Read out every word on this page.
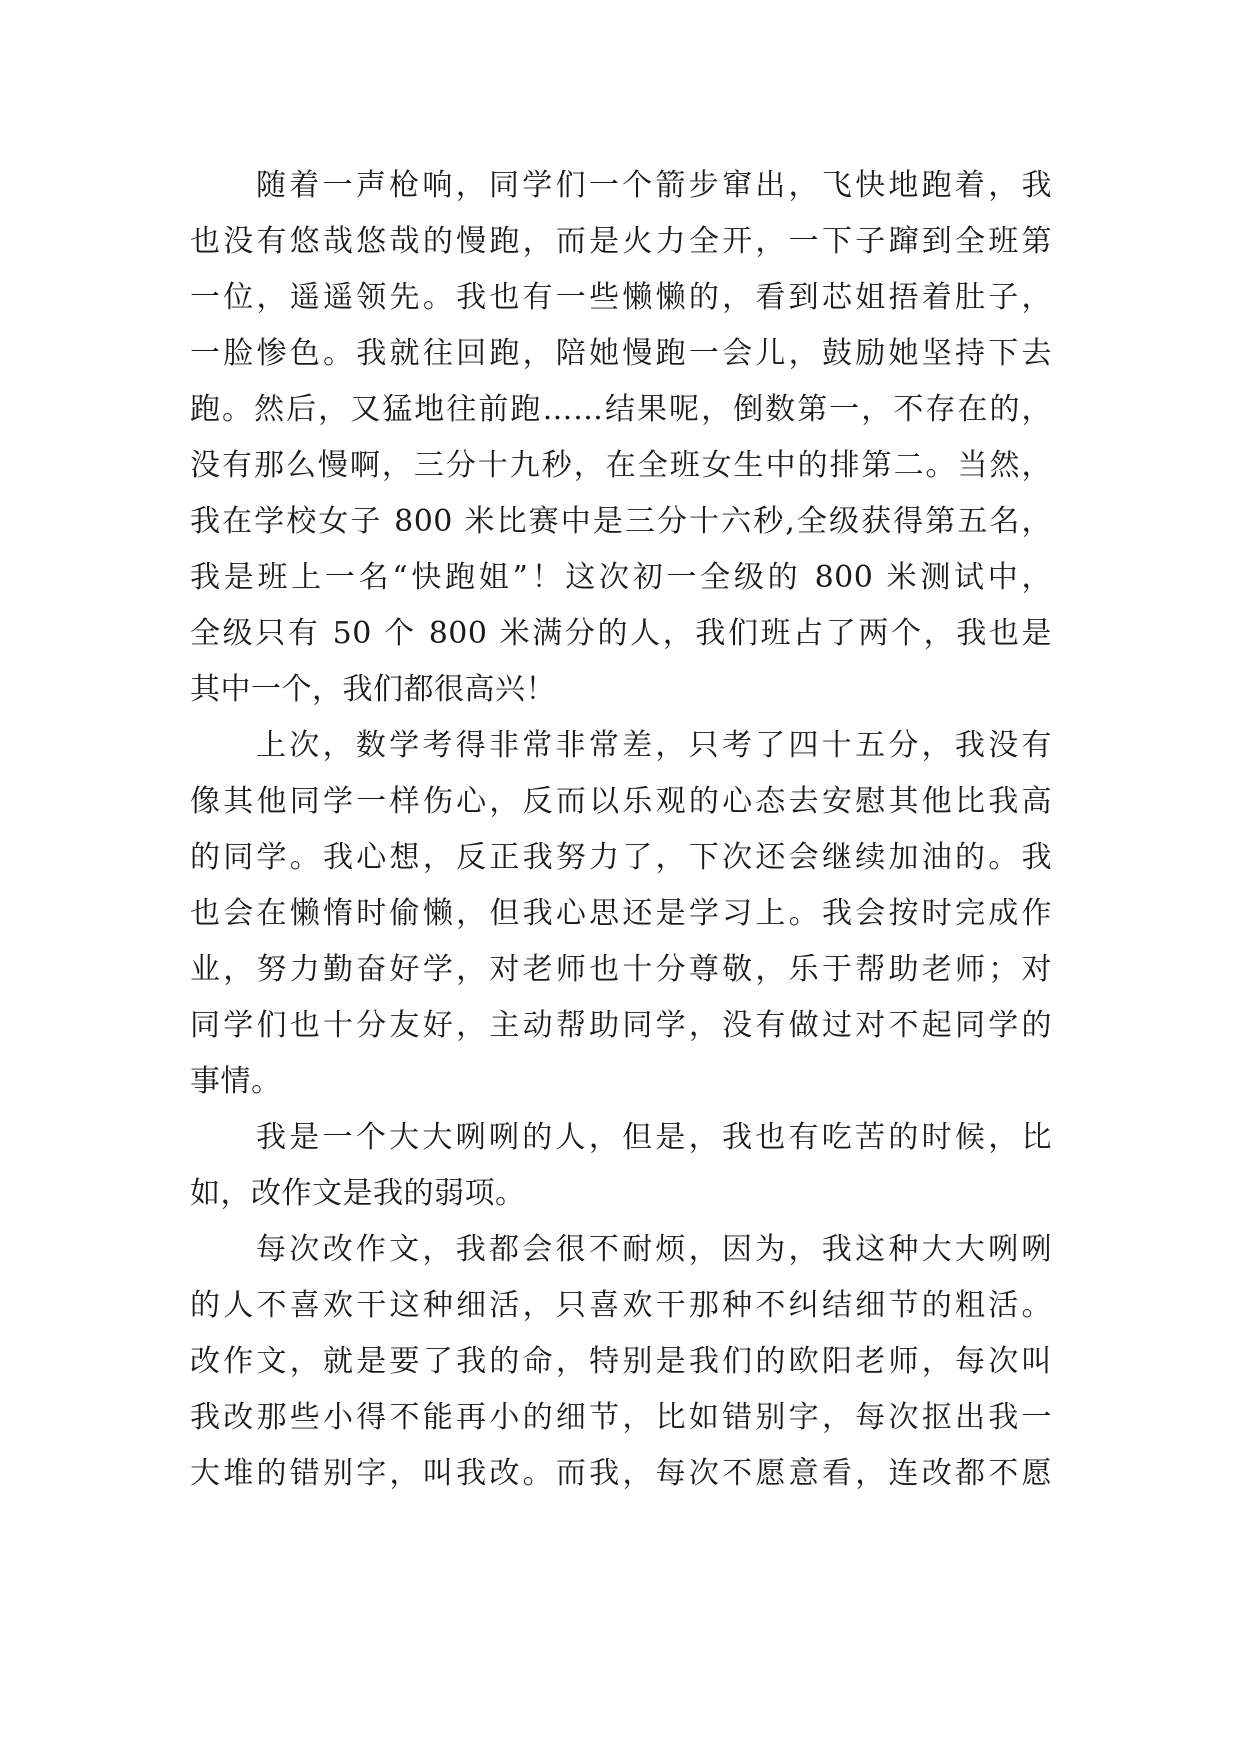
随着一声枪响，同学们一个箭步窜出，飞快地跑着，我
也没有悠哉悠哉的慢跑，而是火力全开，一下子蹿到全班第
一位，遥遥领先。我也有一些懒懒的，看到芯姐捂着肚子，
一脸惨色。我就往回跑，陪她慢跑一会儿，鼓励她坚持下去
跑。然后，又猛地往前跑……结果呢，倒数第一，不存在的，
没有那么慢啊，三分十九秒，在全班女生中的排第二。当然，
我在学校女子 800 米比赛中是三分十六秒,全级获得第五名，
我是班上一名“快跑姐”！这次初一全级的 800 米测试中，
全级只有 50 个 800 米满分的人，我们班占了两个，我也是
其中一个，我们都很高兴！
上次，数学考得非常非常差，只考了四十五分，我没有
像其他同学一样伤心，反而以乐观的心态去安慰其他比我高
的同学。我心想，反正我努力了，下次还会继续加油的。我
也会在懒惰时偷懒，但我心思还是学习上。我会按时完成作
业，努力勤奋好学，对老师也十分尊敬，乐于帮助老师；对
同学们也十分友好，主动帮助同学，没有做过对不起同学的
事情。
我是一个大大咧咧的人，但是，我也有吃苦的时候，比
如，改作文是我的弱项。
每次改作文，我都会很不耐烦，因为，我这种大大咧咧
的人不喜欢干这种细活，只喜欢干那种不纠结细节的粗活。
改作文，就是要了我的命，特别是我们的欧阳老师，每次叫
我改那些小得不能再小的细节，比如错别字，每次抠出我一
大堆的错别字，叫我改。而我，每次不愿意看，连改都不愿
